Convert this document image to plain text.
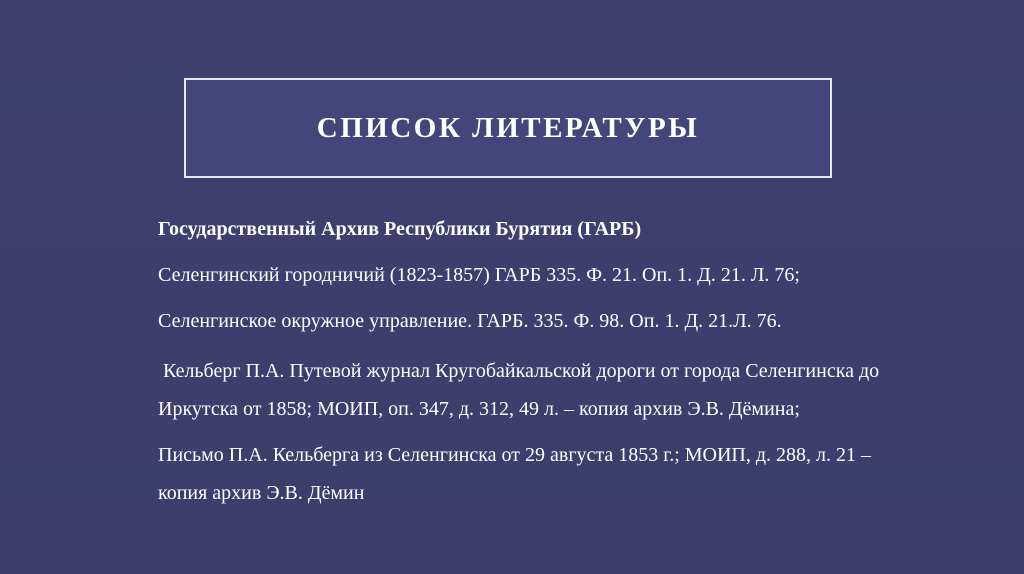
СПИСОК ЛИТЕРАТУРЫ

Государственный Архив Республики Бурятия (ГАРБ)

Селенгинский городничий (1823-1857) ГАРБ 335. Ф. 21. Оп. 1. Д. 21. Л. 76;

Селенгинское окружное управление. ГАРБ. 335. Ф. 98. Оп. 1. Д. 21.Л. 76.

Кельберг П.А. Путевой журнал Кругобайкальской дороги от города Селенгинска до
Иркутска от 1858; МОИП, оп. 347, д. 312, 49 л. – копия архив Э.В. Дёмина;

Письмо П.А. Кельберга из Селенгинска от 29 августа 1853 г.; МОИП, д. 288, л. 21 –
копия архив Э.В. Дёмин
